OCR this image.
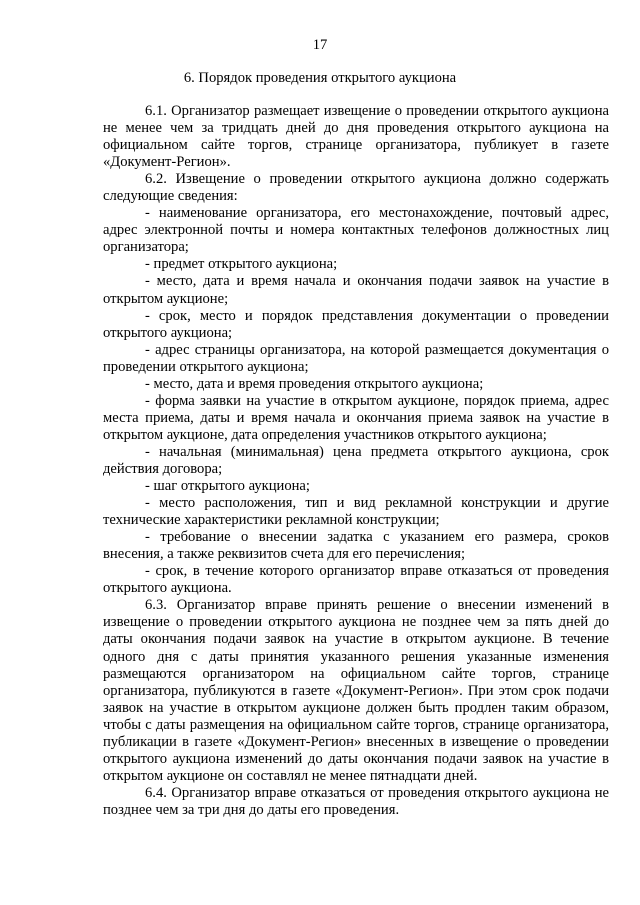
17
6. Порядок проведения открытого аукциона

6.1. Организатор размещает извещение о проведении открытого аукциона не менее чем за тридцать дней до дня проведения открытого аукциона на официальном сайте торгов, странице организатора, публикует в газете «Документ-Регион».

6.2. Извещение о проведении открытого аукциона должно содержать следующие сведения:

- наименование организатора, его местонахождение, почтовый адрес, адрес электронной почты и номера контактных телефонов должностных лиц организатора;

- предмет открытого аукциона;

- место, дата и время начала и окончания подачи заявок на участие в открытом аукционе;

- срок, место и порядок представления документации о проведении открытого аукциона;

- адрес страницы организатора, на которой размещается документация о проведении открытого аукциона;

- место, дата и время проведения открытого аукциона;

- форма заявки на участие в открытом аукционе, порядок приема, адрес места приема, даты и время начала и окончания приема заявок на участие в открытом аукционе, дата определения участников открытого аукциона;

- начальная (минимальная) цена предмета открытого аукциона, срок действия договора;

- шаг открытого аукциона;

- место расположения, тип и вид рекламной конструкции и другие технические характеристики рекламной конструкции;

- требование о внесении задатка с указанием его размера, сроков внесения, а также реквизитов счета для его перечисления;

- срок, в течение которого организатор вправе отказаться от проведения открытого аукциона.

6.3. Организатор вправе принять решение о внесении изменений в извещение о проведении открытого аукциона не позднее чем за пять дней до даты окончания подачи заявок на участие в открытом аукционе. В течение одного дня с даты принятия указанного решения указанные изменения размещаются организатором на официальном сайте торгов, странице организатора, публикуются в газете «Документ-Регион». При этом срок подачи заявок на участие в открытом аукционе должен быть продлен таким образом, чтобы с даты размещения на официальном сайте торгов, странице организатора, публикации в газете «Документ-Регион» внесенных в извещение о проведении открытого аукциона изменений до даты окончания подачи заявок на участие в открытом аукционе он составлял не менее пятнадцати дней.

6.4. Организатор вправе отказаться от проведения открытого аукциона не позднее чем за три дня до даты его проведения.
